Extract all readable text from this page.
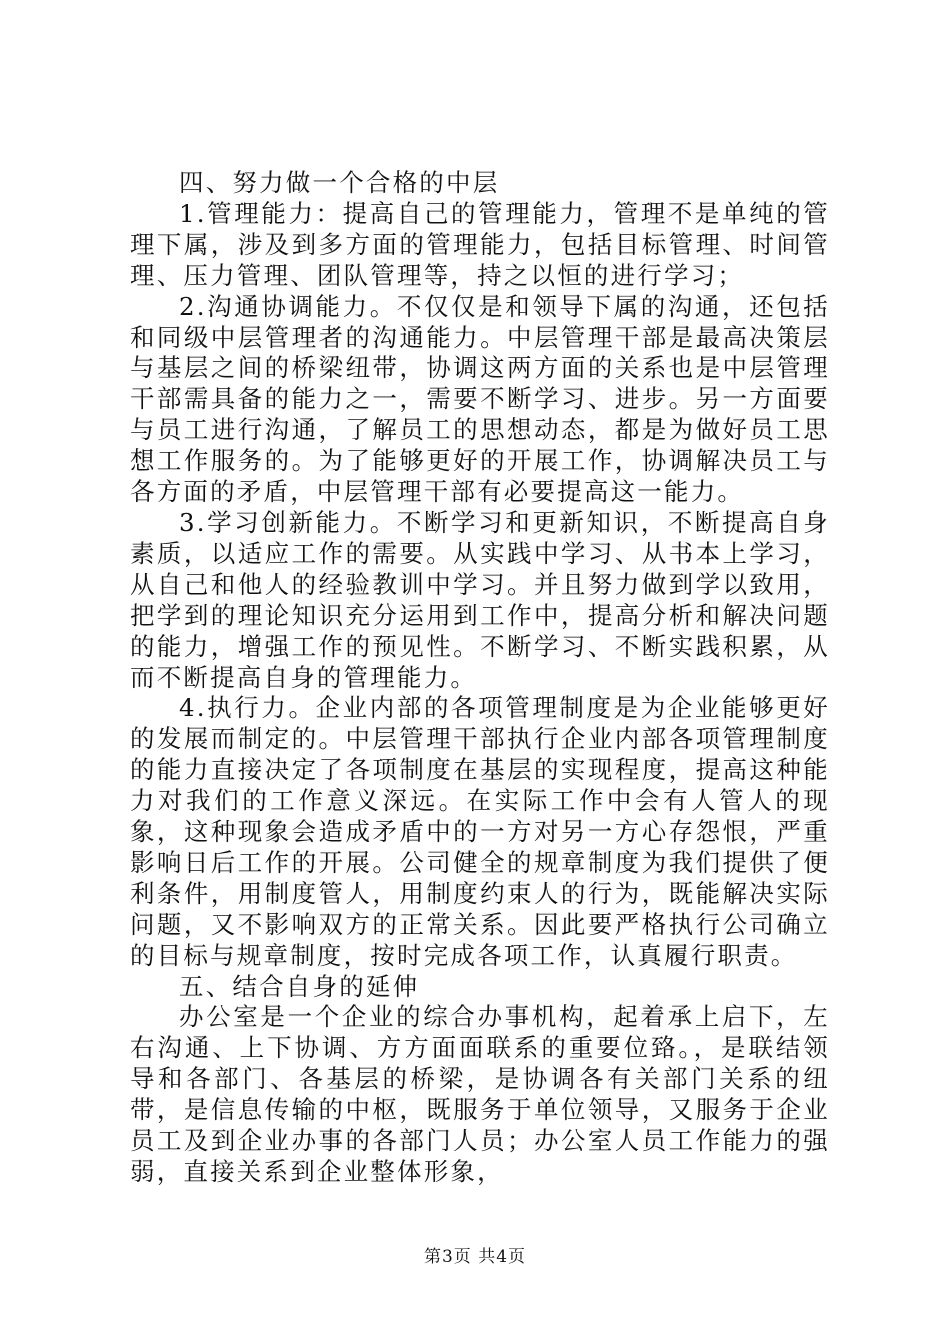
四、努力做一个合格的中层

1.管理能力：提高自己的管理能力，管理不是单纯的管理下属，涉及到多方面的管理能力，包括目标管理、时间管理、压力管理、团队管理等，持之以恒的进行学习；

2.沟通协调能力。不仅仅是和领导下属的沟通，还包括和同级中层管理者的沟通能力。中层管理干部是最高决策层与基层之间的桥梁纽带，协调这两方面的关系也是中层管理干部需具备的能力之一，需要不断学习、进步。另一方面要与员工进行沟通，了解员工的思想动态，都是为做好员工思想工作服务的。为了能够更好的开展工作，协调解决员工与各方面的矛盾，中层管理干部有必要提高这一能力。

3.学习创新能力。不断学习和更新知识，不断提高自身素质，以适应工作的需要。从实践中学习、从书本上学习，从自己和他人的经验教训中学习。并且努力做到学以致用，把学到的理论知识充分运用到工作中，提高分析和解决问题的能力，增强工作的预见性。不断学习、不断实践积累，从而不断提高自身的管理能力。

4.执行力。企业内部的各项管理制度是为企业能够更好的发展而制定的。中层管理干部执行企业内部各项管理制度的能力直接决定了各项制度在基层的实现程度，提高这种能力对我们的工作意义深远。在实际工作中会有人管人的现象，这种现象会造成矛盾中的一方对另一方心存怨恨，严重影响日后工作的开展。公司健全的规章制度为我们提供了便利条件，用制度管人，用制度约束人的行为，既能解决实际问题，又不影响双方的正常关系。因此要严格执行公司确立的目标与规章制度，按时完成各项工作，认真履行职责。

五、结合自身的延伸

办公室是一个企业的综合办事机构，起着承上启下，左右沟通、上下协调、方方面面联系的重要位臵。，是联结领导和各部门、各基层的桥梁，是协调各有关部门关系的纽带，是信息传输的中枢，既服务于单位领导，又服务于企业员工及到企业办事的各部门人员；办公室人员工作能力的强弱，直接关系到企业整体形象，

第3页 共4页
